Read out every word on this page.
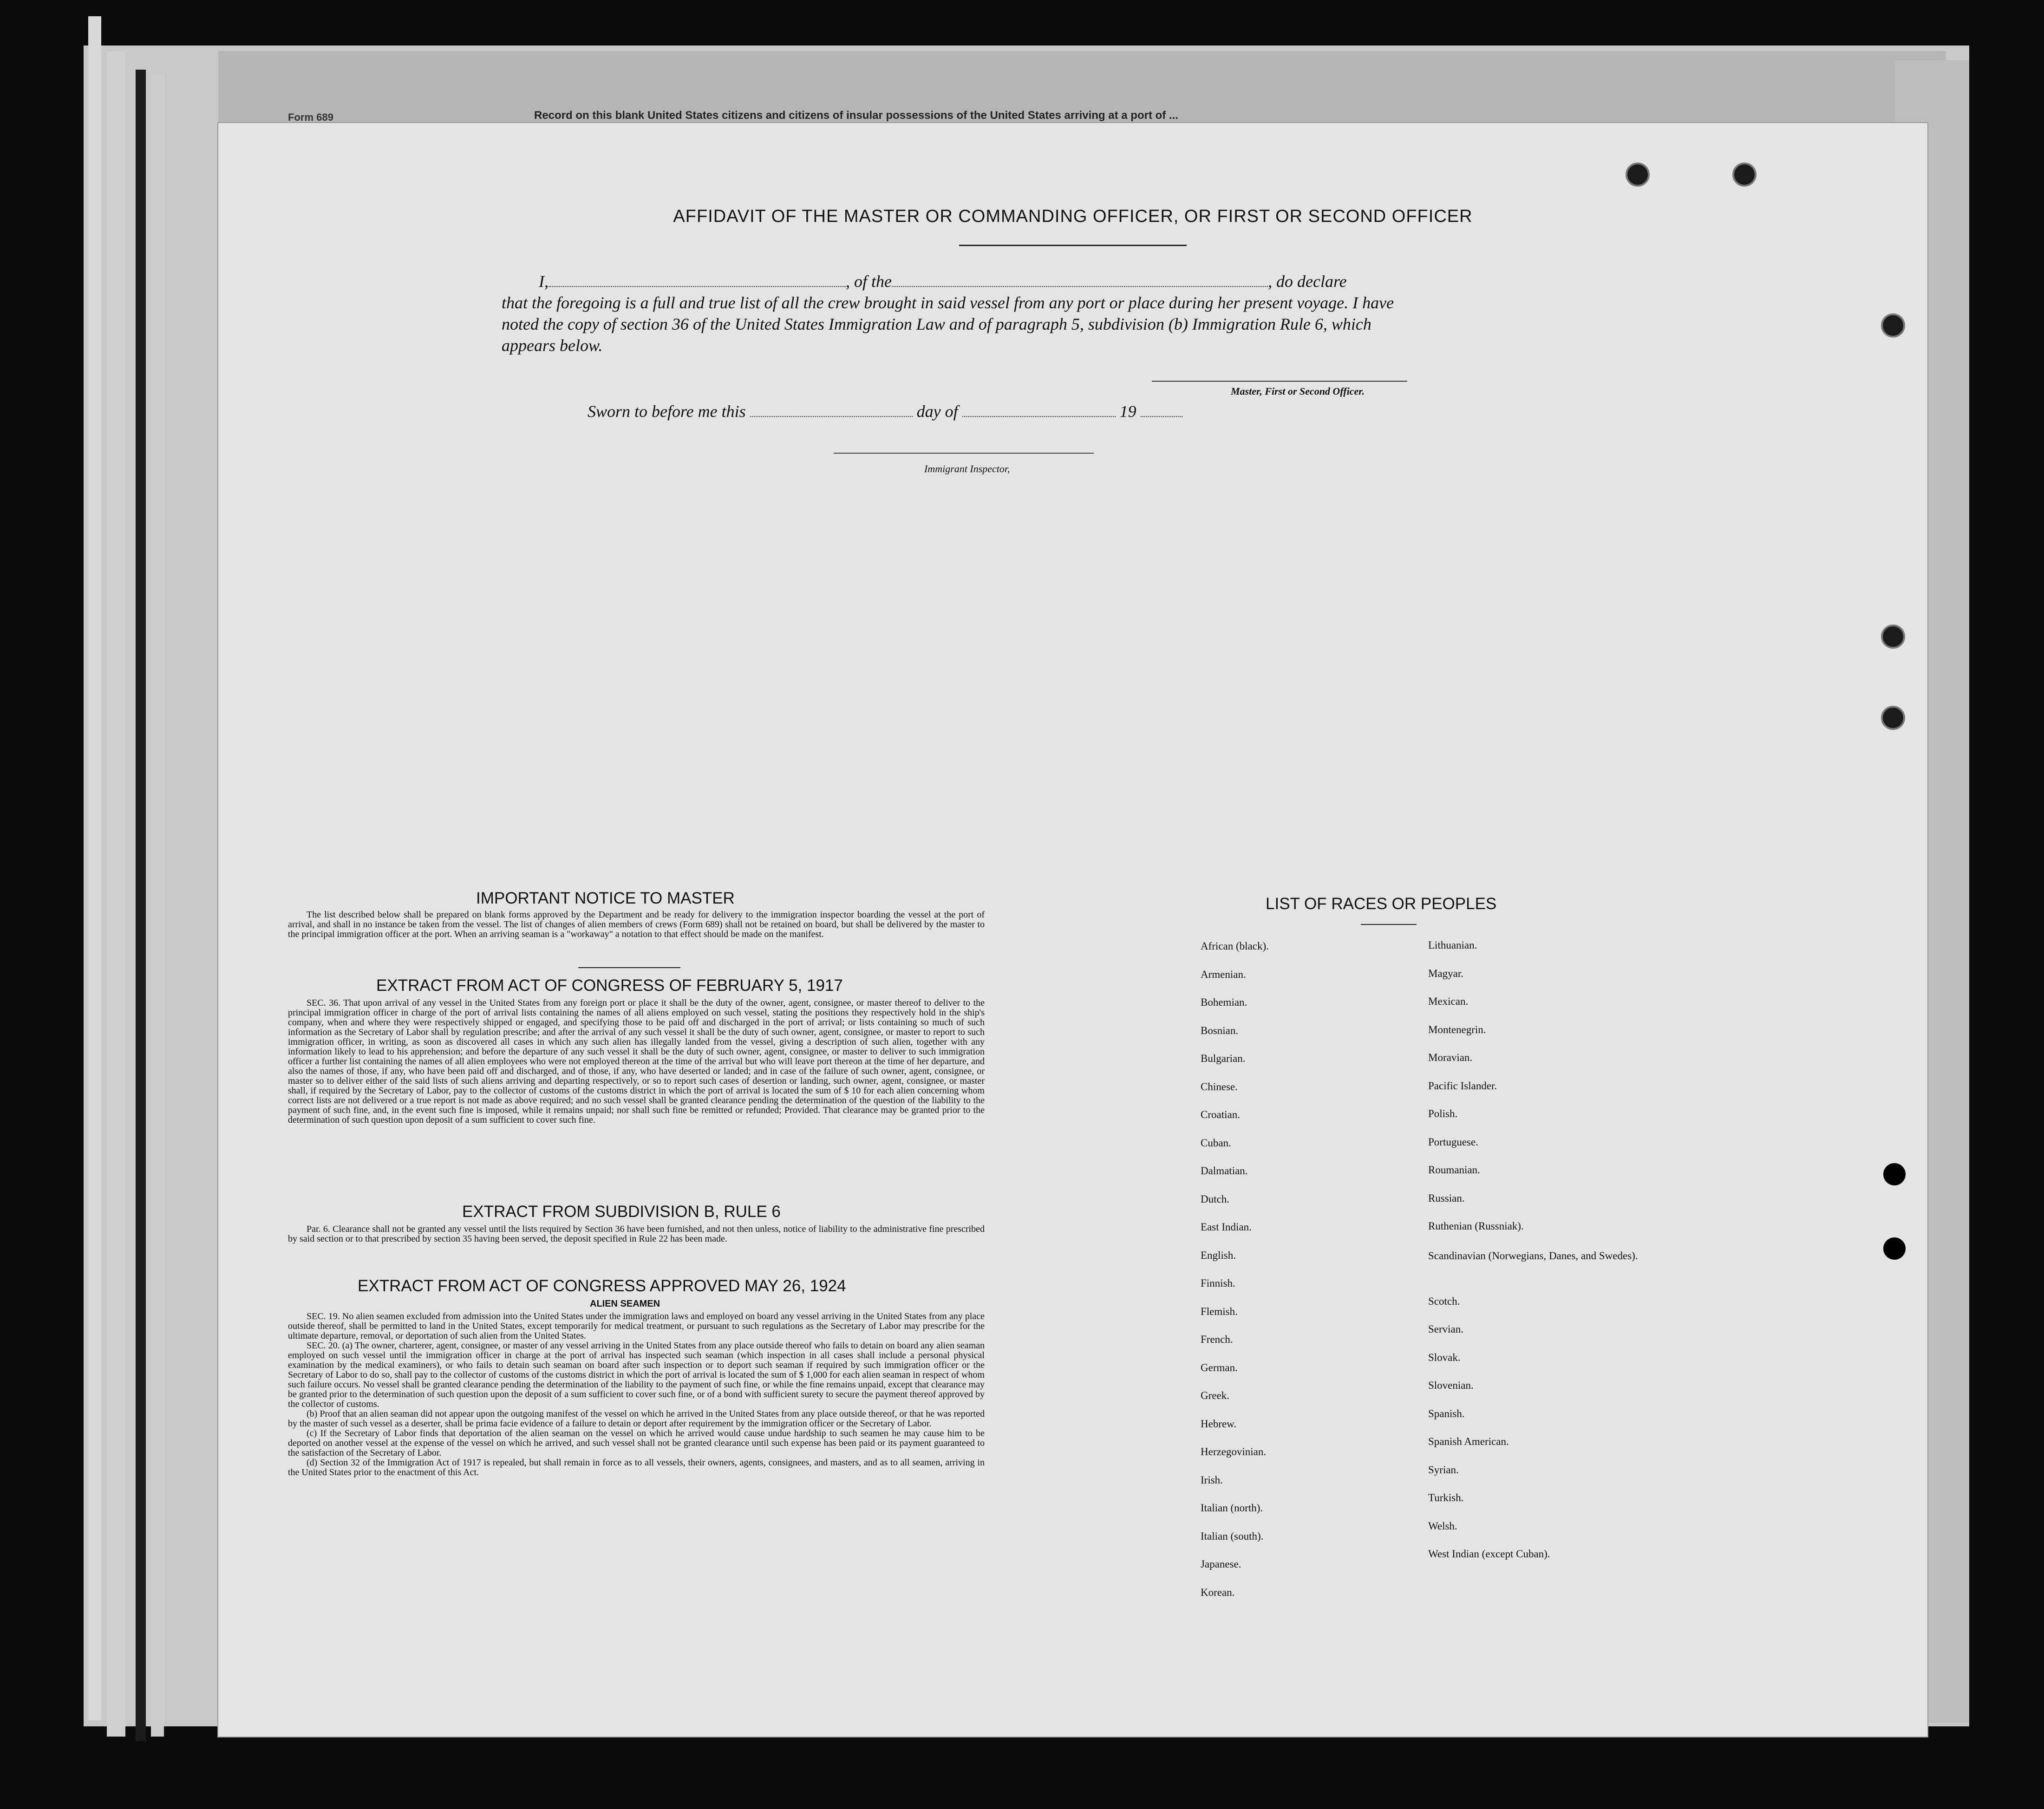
Form 689	Record on this blank United States citizens and citizens of insular possessions of the United States arriving at a port of ...
AFFIDAVIT OF THE MASTER OR COMMANDING OFFICER, OR FIRST OR SECOND OFFICER
I,	, of the	, do declare
that the foregoing is a full and true list of all the crew brought in said vessel from any port or place during her present voyage. I have noted the copy of section 36 of the United States Immigration Law and of paragraph 5, subdivision (b) Immigration Rule 6, which appears below.
Master, First or Second Officer.
Sworn to before me this	day of	19
Immigrant Inspector,
IMPORTANT NOTICE TO MASTER

The list described below shall be prepared on blank forms approved by the Department and be ready for delivery to the immigration inspector boarding the vessel at the port of arrival, and shall in no instance be taken from the vessel. The list of changes of alien members of crews (Form 689) shall not be retained on board, but shall be delivered by the master to the principal immigration officer at the port. When an arriving seaman is a "workaway" a notation to that effect should be made on the manifest.

EXTRACT FROM ACT OF CONGRESS OF FEBRUARY 5, 1917

SEC. 36. That upon arrival of any vessel in the United States from any foreign port or place it shall be the duty of the owner, agent, consignee, or master thereof to deliver to the principal immigration officer in charge of the port of arrival lists containing the names of all aliens employed on such vessel, stating the positions they respectively hold in the ship's company, when and where they were respectively shipped or engaged, and specifying those to be paid off and discharged in the port of arrival; or lists containing so much of such information as the Secretary of Labor shall by regulation prescribe; and after the arrival of any such vessel it shall be the duty of such owner, agent, consignee, or master to report to such immigration officer, in writing, as soon as discovered all cases in which any such alien has illegally landed from the vessel, giving a description of such alien, together with any information likely to lead to his apprehension; and before the departure of any such vessel it shall be the duty of such owner, agent, consignee, or master to deliver to such immigration officer a further list containing the names of all alien employees who were not employed thereon at the time of the arrival but who will leave port thereon at the time of her departure, and also the names of those, if any, who have been paid off and discharged, and of those, if any, who have deserted or landed; and in case of the failure of such owner, agent, consignee, or master so to deliver either of the said lists of such aliens arriving and departing respectively, or so to report such cases of desertion or landing, such owner, agent, consignee, or master shall, if required by the Secretary of Labor, pay to the collector of customs of the customs district in which the port of arrival is located the sum of $ 10 for each alien concerning whom correct lists are not delivered or a true report is not made as above required; and no such vessel shall be granted clearance pending the determination of the question of the liability to the payment of such fine, and, in the event such fine is imposed, while it remains unpaid; nor shall such fine be remitted or refunded; Provided. That clearance may be granted prior to the determination of such question upon deposit of a sum sufficient to cover such fine.

EXTRACT FROM SUBDIVISION B, RULE 6

Par. 6. Clearance shall not be granted any vessel until the lists required by Section 36 have been furnished, and not then unless, notice of liability to the administrative fine prescribed by said section or to that prescribed by section 35 having been served, the deposit specified in Rule 22 has been made.

EXTRACT FROM ACT OF CONGRESS APPROVED MAY 26, 1924
ALIEN SEAMEN

SEC. 19. No alien seamen excluded from admission into the United States under the immigration laws and employed on board any vessel arriving in the United States from any place outside thereof, shall be permitted to land in the United States, except temporarily for medical treatment, or pursuant to such regulations as the Secretary of Labor may prescribe for the ultimate departure, removal, or deportation of such alien from the United States.

SEC. 20. (a) The owner, charterer, agent, consignee, or master of any vessel arriving in the United States from any place outside thereof who fails to detain on board any alien seaman employed on such vessel until the immigration officer in charge at the port of arrival has inspected such seaman (which inspection in all cases shall include a personal physical examination by the medical examiners), or who fails to detain such seaman on board after such inspection or to deport such seaman if required by such immigration officer or the Secretary of Labor to do so, shall pay to the collector of customs of the customs district in which the port of arrival is located the sum of $ 1,000 for each alien seaman in respect of whom such failure occurs. No vessel shall be granted clearance pending the determination of the liability to the payment of such fine, or while the fine remains unpaid, except that clearance may be granted prior to the determination of such question upon the deposit of a sum sufficient to cover such fine, or of a bond with sufficient surety to secure the payment thereof approved by the collector of customs.

(b) Proof that an alien seaman did not appear upon the outgoing manifest of the vessel on which he arrived in the United States from any place outside thereof, or that he was reported by the master of such vessel as a deserter, shall be prima facie evidence of a failure to detain or deport after requirement by the immigration officer or the Secretary of Labor.

(c) If the Secretary of Labor finds that deportation of the alien seaman on the vessel on which he arrived would cause undue hardship to such seamen he may cause him to be deported on another vessel at the expense of the vessel on which he arrived, and such vessel shall not be granted clearance until such expense has been paid or its payment guaranteed to the satisfaction of the Secretary of Labor.

(d) Section 32 of the Immigration Act of 1917 is repealed, but shall remain in force as to all vessels, their owners, agents, consignees, and masters, and as to all seamen, arriving in the United States prior to the enactment of this Act.

LIST OF RACES OR PEOPLES
African (black).
Armenian.
Bohemian.
Bosnian.
Bulgarian.
Chinese.
Croatian.
Cuban.
Dalmatian.
Dutch.
East Indian.
English.
Finnish.
Flemish.
French.
German.
Greek.
Hebrew.
Herzegovinian.
Irish.
Italian (north).
Italian (south).
Japanese.
Korean.
Lithuanian.
Magyar.
Mexican.
Montenegrin.
Moravian.
Pacific Islander.
Polish.
Portuguese.
Roumanian.
Russian.
Ruthenian (Russniak).
Scandinavian (Norwegians, Danes, and Swedes).
Scotch.
Servian.
Slovak.
Slovenian.
Spanish.
Spanish American.
Syrian.
Turkish.
Welsh.
West Indian (except Cuban).
